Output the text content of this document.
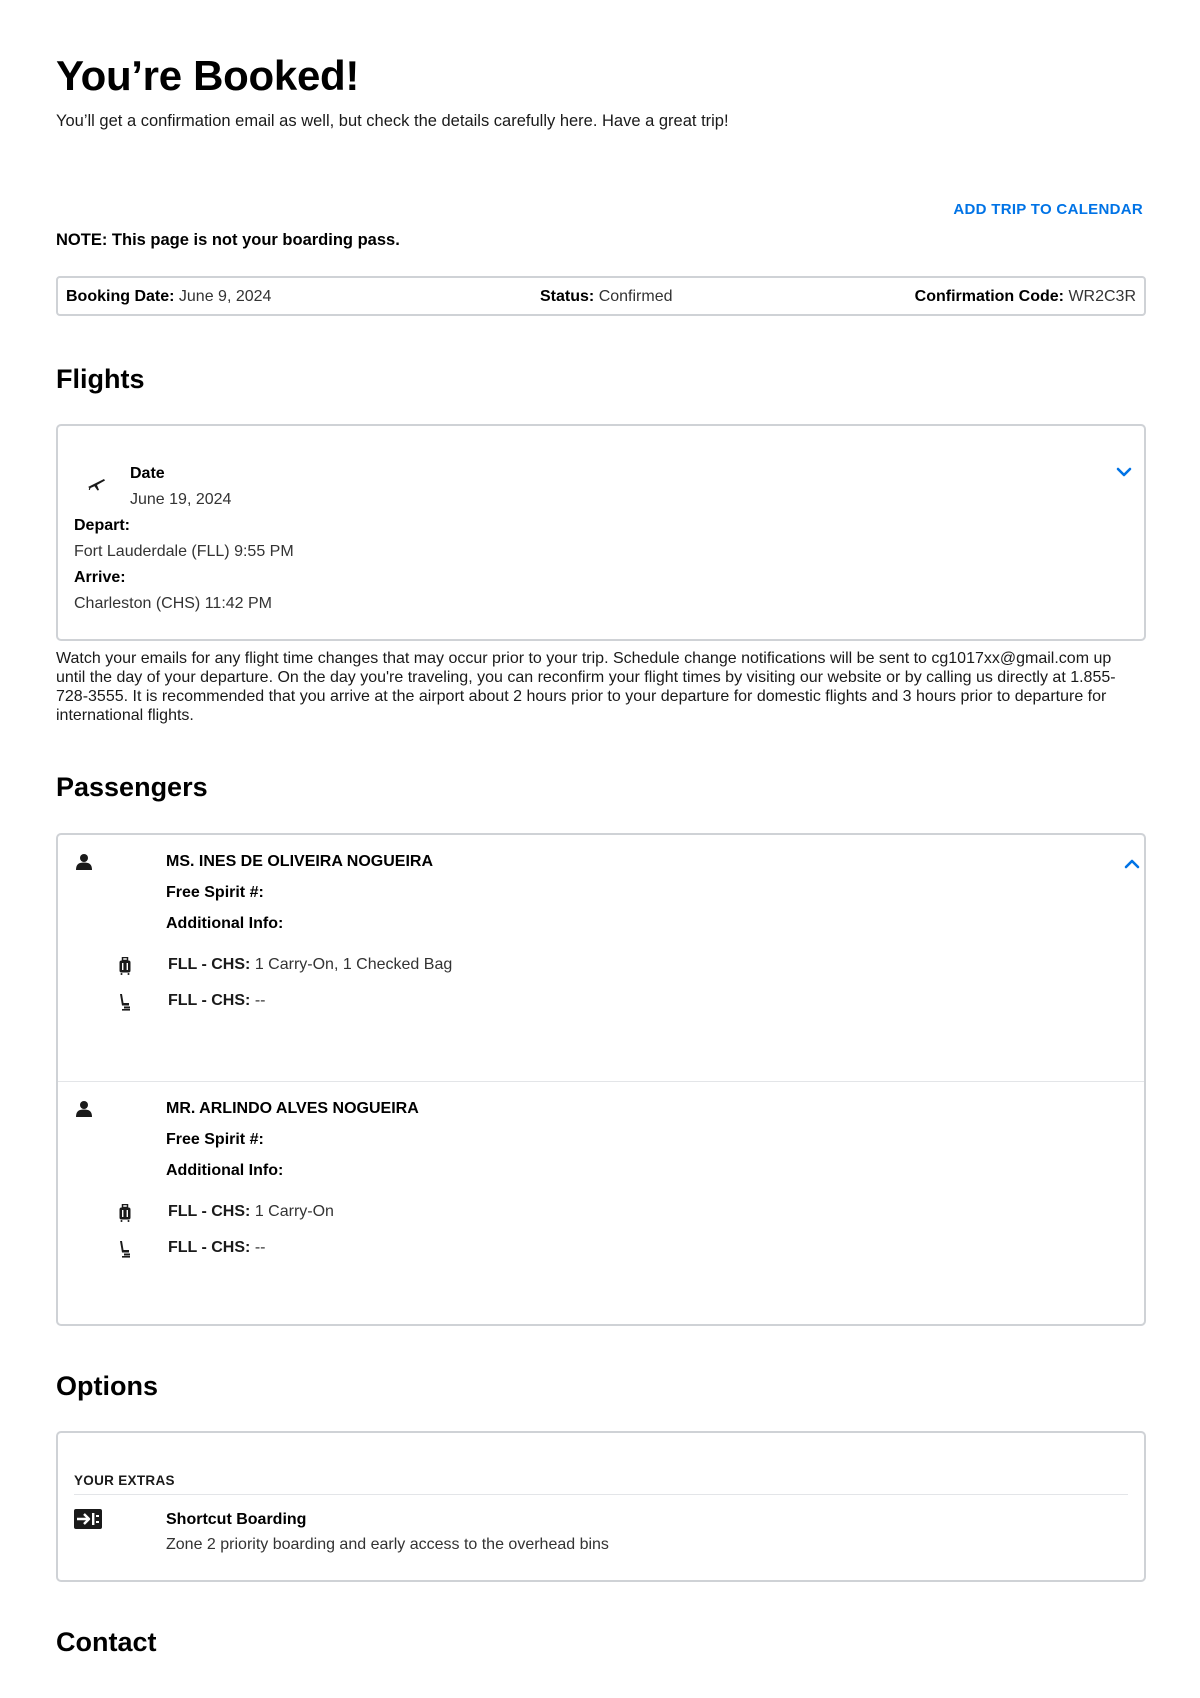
You’re Booked!
You’ll get a confirmation email as well, but check the details carefully here. Have a great trip!
ADD TRIP TO CALENDAR
NOTE: This page is not your boarding pass.
Booking Date: June 9, 2024	Status: Confirmed	Confirmation Code: WR2C3R
Flights
Date
June 19, 2024
Depart:
Fort Lauderdale (FLL) 9:55 PM
Arrive:
Charleston (CHS) 11:42 PM
Watch your emails for any flight time changes that may occur prior to your trip. Schedule change notifications will be sent to cg1017xx@gmail.com up until the day of your departure. On the day you're traveling, you can reconfirm your flight times by visiting our website or by calling us directly at 1.855-728-3555. It is recommended that you arrive at the airport about 2 hours prior to your departure for domestic flights and 3 hours prior to departure for international flights.
Passengers
MS. INES DE OLIVEIRA NOGUEIRA
Free Spirit #:
Additional Info:
FLL - CHS: 1 Carry-On, 1 Checked Bag
FLL - CHS: --
MR. ARLINDO ALVES NOGUEIRA
Free Spirit #:
Additional Info:
FLL - CHS: 1 Carry-On
FLL - CHS: --
Options
YOUR EXTRAS
Shortcut Boarding
Zone 2 priority boarding and early access to the overhead bins
Contact
